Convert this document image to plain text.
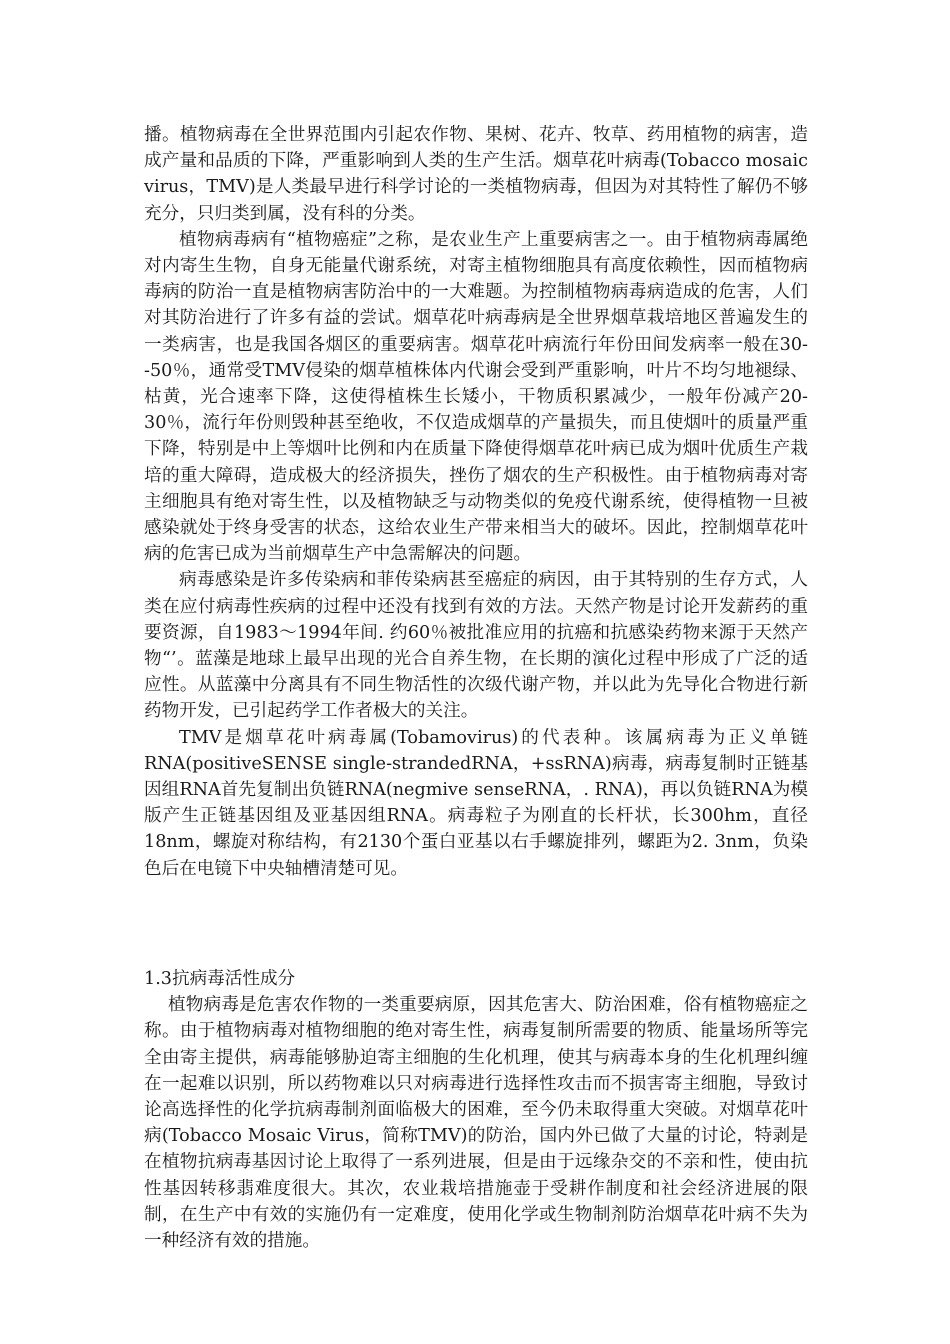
播。植物病毒在全世界范围内引起农作物、果树、花卉、牧草、药用植物的病害，造成产量和品质的下降，严重影响到人类的生产生活。烟草花叶病毒(Tobacco mosaic virus，TMV)是人类最早进行科学讨论的一类植物病毒，但因为对其特性了解仍不够充分，只归类到属，没有科的分类。

植物病毒病有“植物癌症”之称，是农业生产上重要病害之一。由于植物病毒属绝对内寄生生物，自身无能量代谢系统，对寄主植物细胞具有高度依赖性，因而植物病毒病的防治一直是植物病害防治中的一大难题。为控制植物病毒病造成的危害，人们对其防治进行了许多有益的尝试。烟草花叶病毒病是全世界烟草栽培地区普遍发生的一类病害，也是我国各烟区的重要病害。烟草花叶病流行年份田间发病率一般在30--50％，通常受TMV侵染的烟草植株体内代谢会受到严重影响，叶片不均匀地褪绿、枯黄，光合速率下降，这使得植株生长矮小，干物质积累减少，一般年份减产20-30％，流行年份则毁种甚至绝收，不仅造成烟草的产量损失，而且使烟叶的质量严重下降，特别是中上等烟叶比例和内在质量下降使得烟草花叶病已成为烟叶优质生产栽培的重大障碍，造成极大的经济损失，挫伤了烟农的生产积极性。由于植物病毒对寄主细胞具有绝对寄生性，以及植物缺乏与动物类似的免疫代谢系统，使得植物一旦被感染就处于终身受害的状态，这给农业生产带来相当大的破坏。因此，控制烟草花叶病的危害已成为当前烟草生产中急需解决的问题。

病毒感染是许多传染病和菲传染病甚至癌症的病因，由于其特别的生存方式，人类在应付病毒性疾病的过程中还没有找到有效的方法。天然产物是讨论开发薪药的重要资源，自1983～1994年间. 约60％被批准应用的抗癌和抗感染药物来源于天然产物“’。蓝藻是地球上最早出现的光合自养生物，在长期的演化过程中形成了广泛的适应性。从蓝藻中分离具有不同生物活性的次级代谢产物，并以此为先导化合物进行新药物开发，已引起药学工作者极大的关注。

TMV是烟草花叶病毒属(Tobamovirus)的代表种。该属病毒为正义单链RNA(positiveSENSE single-strandedRNA，+ssRNA)病毒，病毒复制时正链基因组RNA首先复制出负链RNA(negmive senseRNA，. RNA)，再以负链RNA为模版产生正链基因组及亚基因组RNA。病毒粒子为刚直的长杆状，长300hm，直径18nm，螺旋对称结构，有2130个蛋白亚基以右手螺旋排列，螺距为2. 3nm，负染色后在电镜下中央轴槽清楚可见。

1.3抗病毒活性成分

植物病毒是危害农作物的一类重要病原，因其危害大、防治困难，俗有植物癌症之称。由于植物病毒对植物细胞的绝对寄生性，病毒复制所需要的物质、能量场所等完全由寄主提供，病毒能够胁迫寄主细胞的生化机理，使其与病毒本身的生化机理纠缠在一起难以识别，所以药物难以只对病毒进行选择性攻击而不损害寄主细胞，导致讨论高选择性的化学抗病毒制剂面临极大的困难，至今仍未取得重大突破。对烟草花叶病(Tobacco Mosaic Virus，简称TMV)的防治，国内外已做了大量的讨论，特剥是在植物抗病毒基因讨论上取得了一系列进展，但是由于远缘杂交的不亲和性，使由抗性基因转移翡难度很大。其次，农业栽培措施壶于受耕作制度和社会经济进展的限制，在生产中有效的实施仍有一定难度，使用化学或生物制剂防治烟草花叶病不失为一种经济有效的措施。
